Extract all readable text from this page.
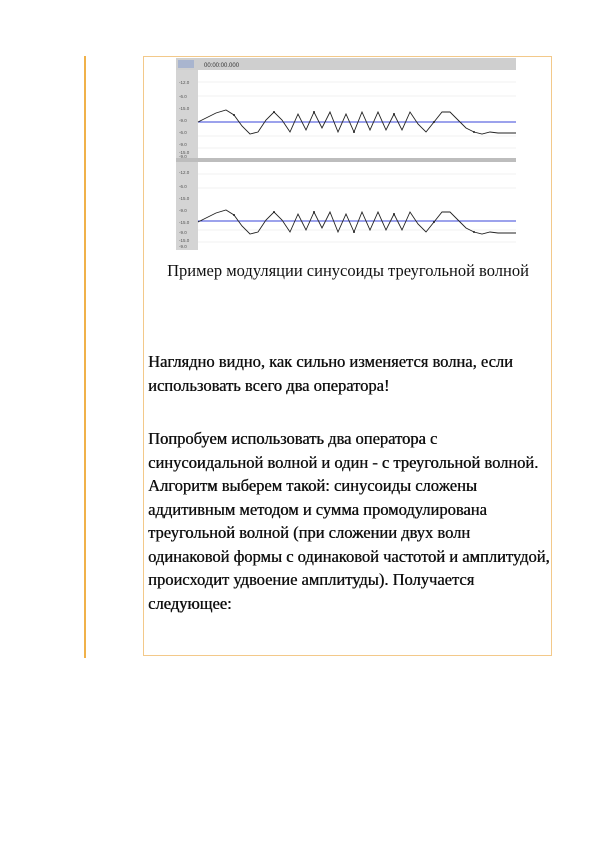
00:00:00.000
-12.0
-6.0
-15.0
-9.0
-6.0
-9.0
-15.0
-9.0
-12.0
-6.0
-15.0
-9.0
-15.0
-9.0
-15.0
-9.0
Пример модуляции синусоиды треугольной волной
Наглядно видно, как сильно изменяется волна, если использовать всего два оператора!
Попробуем использовать два оператора с синусоидальной волной и один - с треугольной волной. Алгоритм выберем такой: синусоиды сложены аддитивным методом и сумма промодулирована треугольной волной (при сложении двух волн одинаковой формы с одинаковой частотой и амплитудой, происходит удвоение амплитуды). Получается следующее:
